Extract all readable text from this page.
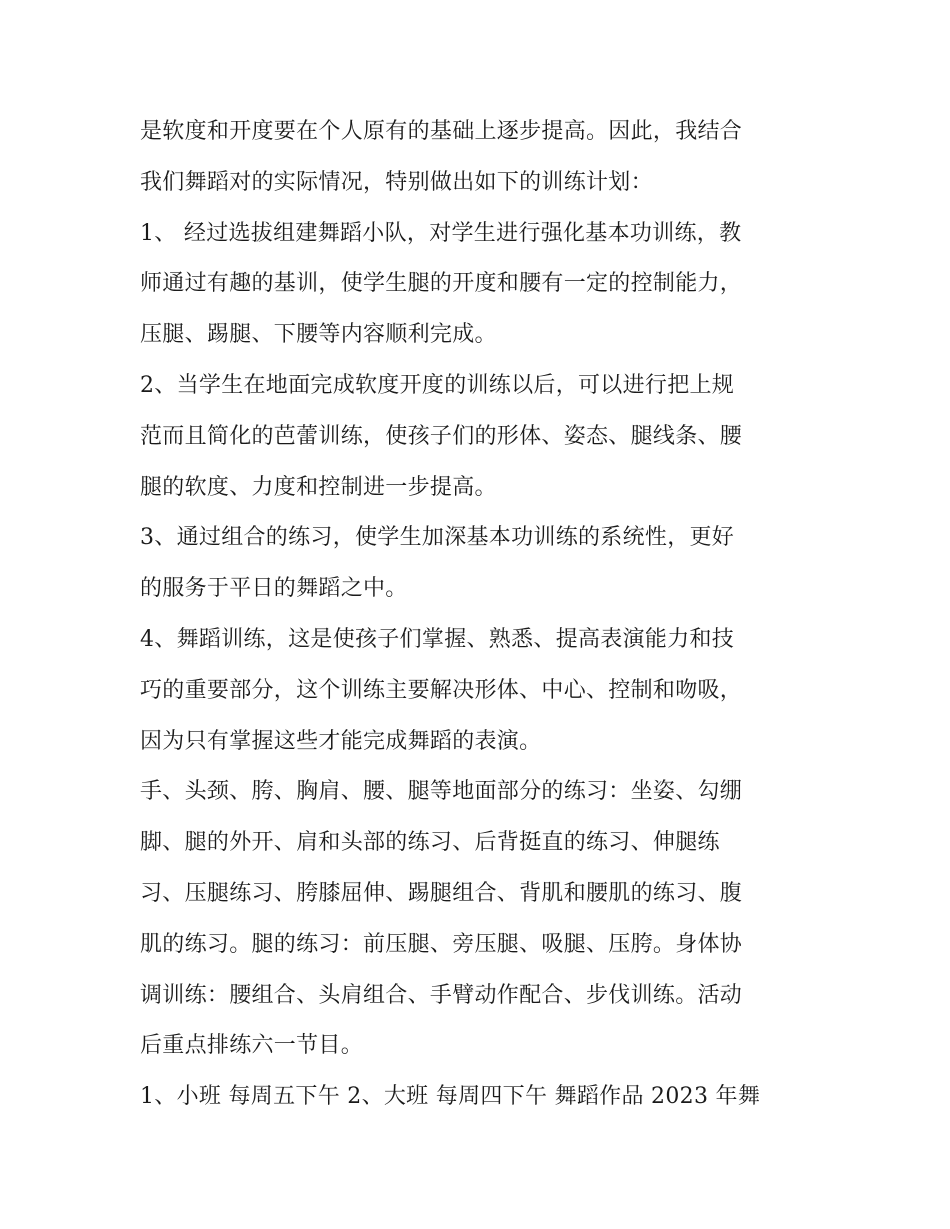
是软度和开度要在个人原有的基础上逐步提高。因此，我结合
我们舞蹈对的实际情况，特别做出如下的训练计划：
1、 经过选拔组建舞蹈小队，对学生进行强化基本功训练，教
师通过有趣的基训，使学生腿的开度和腰有一定的控制能力，
压腿、踢腿、下腰等内容顺利完成。
2、当学生在地面完成软度开度的训练以后，可以进行把上规
范而且简化的芭蕾训练，使孩子们的形体、姿态、腿线条、腰
腿的软度、力度和控制进一步提高。
3、通过组合的练习，使学生加深基本功训练的系统性，更好
的服务于平日的舞蹈之中。
4、舞蹈训练，这是使孩子们掌握、熟悉、提高表演能力和技
巧的重要部分，这个训练主要解决形体、中心、控制和吻吸，
因为只有掌握这些才能完成舞蹈的表演。
手、头颈、胯、胸肩、腰、腿等地面部分的练习：坐姿、勾绷
脚、腿的外开、肩和头部的练习、后背挺直的练习、伸腿练
习、压腿练习、胯膝屈伸、踢腿组合、背肌和腰肌的练习、腹
肌的练习。腿的练习：前压腿、旁压腿、吸腿、压胯。身体协
调训练：腰组合、头肩组合、手臂动作配合、步伐训练。活动
后重点排练六一节目。
1、小班 每周五下午 2、大班 每周四下午 舞蹈作品 2023 年舞
